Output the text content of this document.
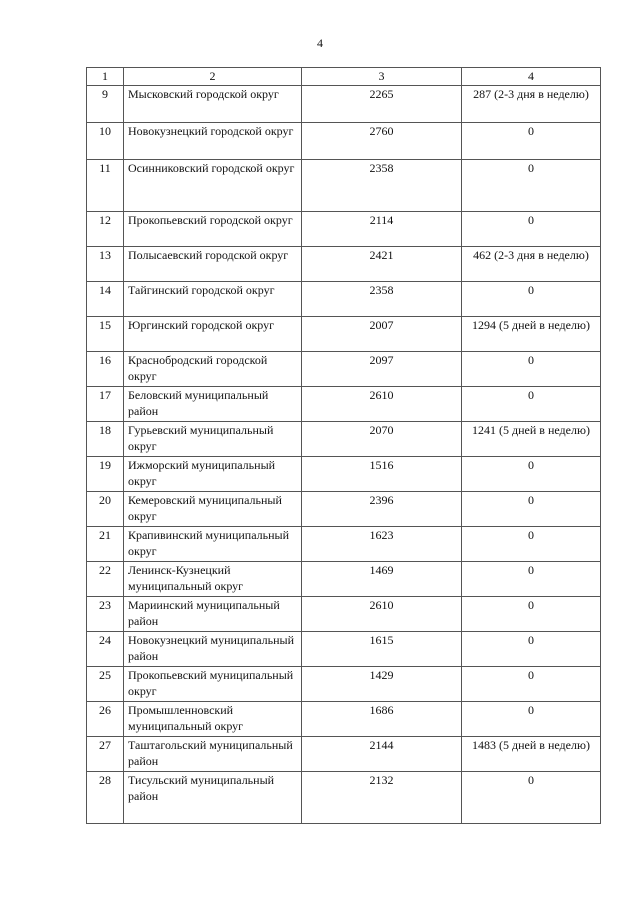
4
1	2	3	4
9	Мысковский городской округ	2265	287 (2-3 дня в неделю)
10	Новокузнецкий городской округ	2760	0
11	Осинниковский городской округ	2358	0
12	Прокопьевский городской округ	2114	0
13	Полысаевский городской округ	2421	462 (2-3 дня в неделю)
14	Тайгинский городской округ	2358	0
15	Юргинский городской округ	2007	1294 (5 дней в неделю)
16	Краснобродский городской округ	2097	0
17	Беловский муниципальный район	2610	0
18	Гурьевский муниципальный округ	2070	1241 (5 дней в неделю)
19	Ижморский муниципальный округ	1516	0
20	Кемеровский муниципальный округ	2396	0
21	Крапивинский муниципальный округ	1623	0
22	Ленинск-Кузнецкий муниципальный округ	1469	0
23	Мариинский муниципальный район	2610	0
24	Новокузнецкий муниципальный район	1615	0
25	Прокопьевский муниципальный округ	1429	0
26	Промышленновский муниципальный округ	1686	0
27	Таштагольский муниципальный район	2144	1483 (5 дней в неделю)
28	Тисульский муниципальный район	2132	0
